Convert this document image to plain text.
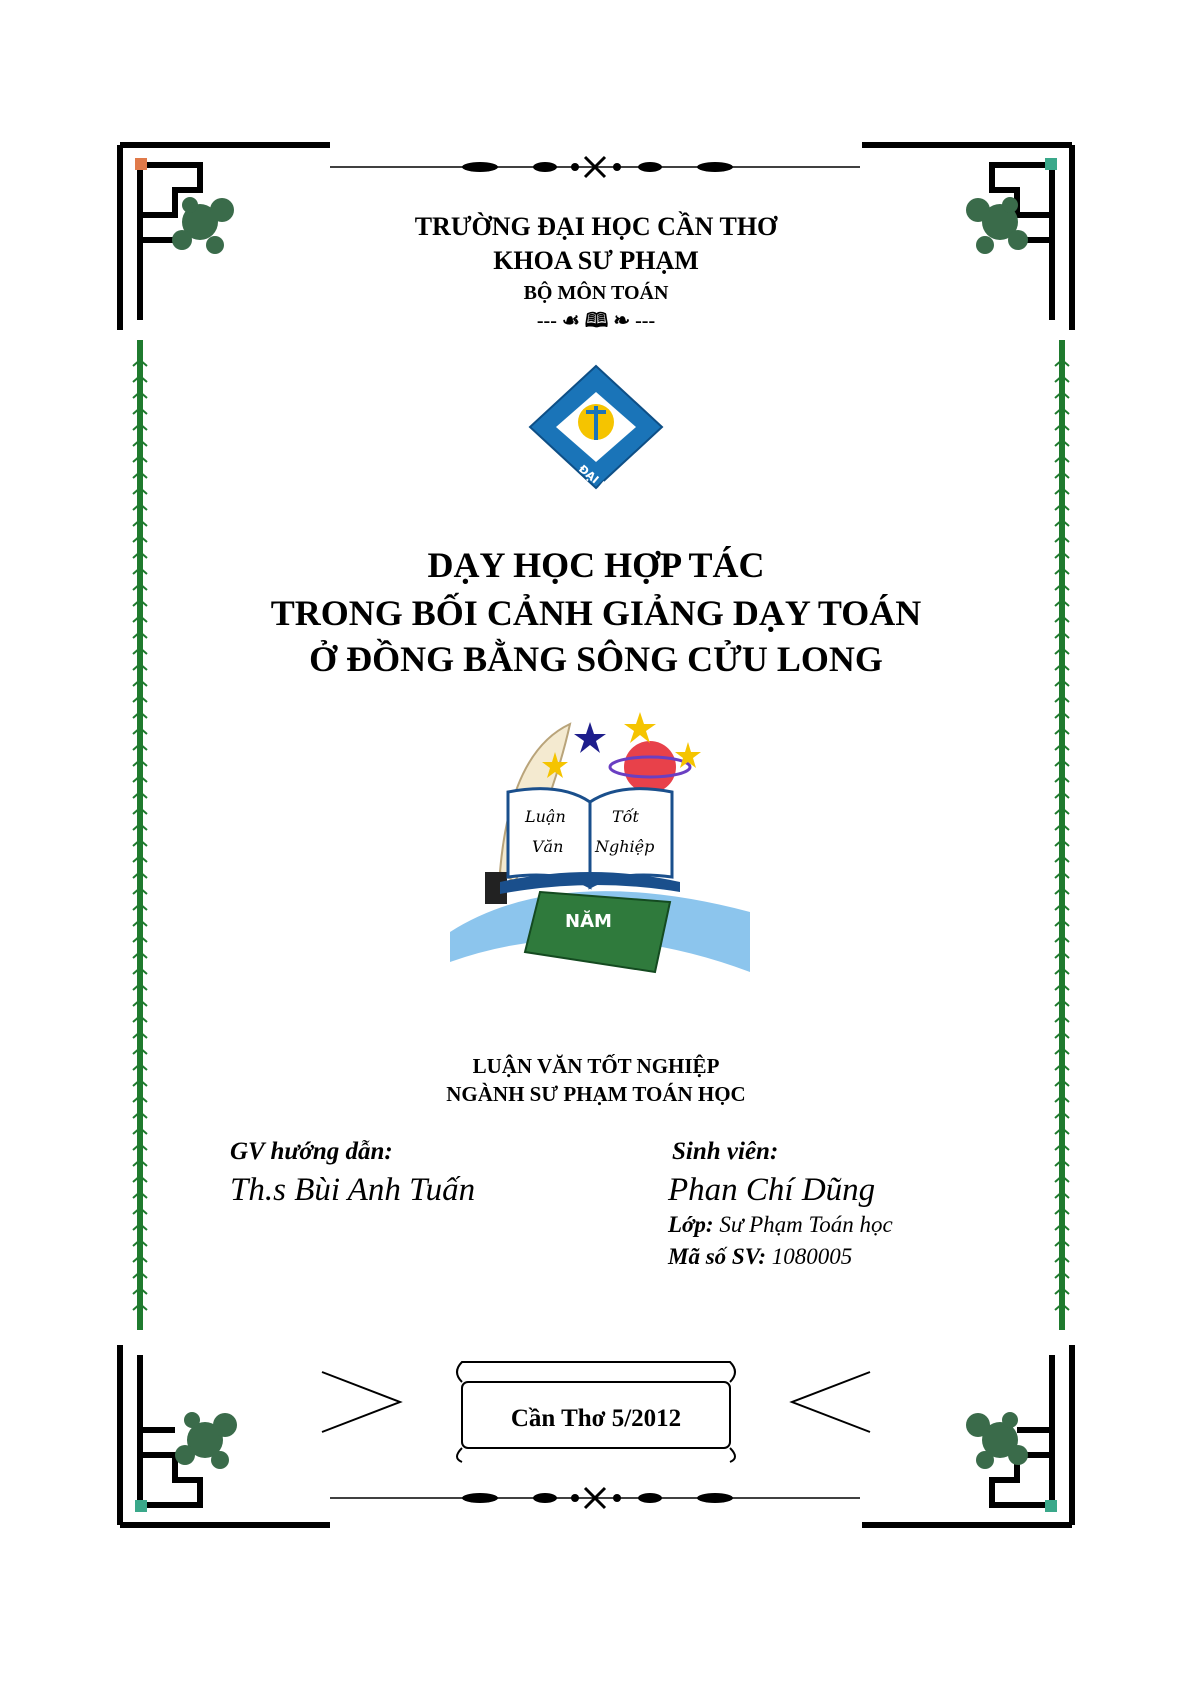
TRƯỜNG ĐẠI HỌC CẦN THƠ
KHOA SƯ PHẠM
BỘ MÔN TOÁN
--- ☙ 🕮 ❧ ---
ĐẠI HỌC CẦN THƠ
DẠY HỌC HỢP TÁC
TRONG BỐI CẢNH GIẢNG DẠY TOÁN
Ở ĐỒNG BẰNG SÔNG CỬU LONG
NĂM
Luận
Văn
Tốt
Nghiệp
LUẬN VĂN TỐT NGHIỆP
NGÀNH SƯ PHẠM TOÁN HỌC
GV hướng dẫn:
Th.s Bùi Anh Tuấn
Sinh viên:
Phan Chí Dũng
Lớp: Sư Phạm Toán học
Mã số SV: 1080005
Cần Thơ 5/2012
